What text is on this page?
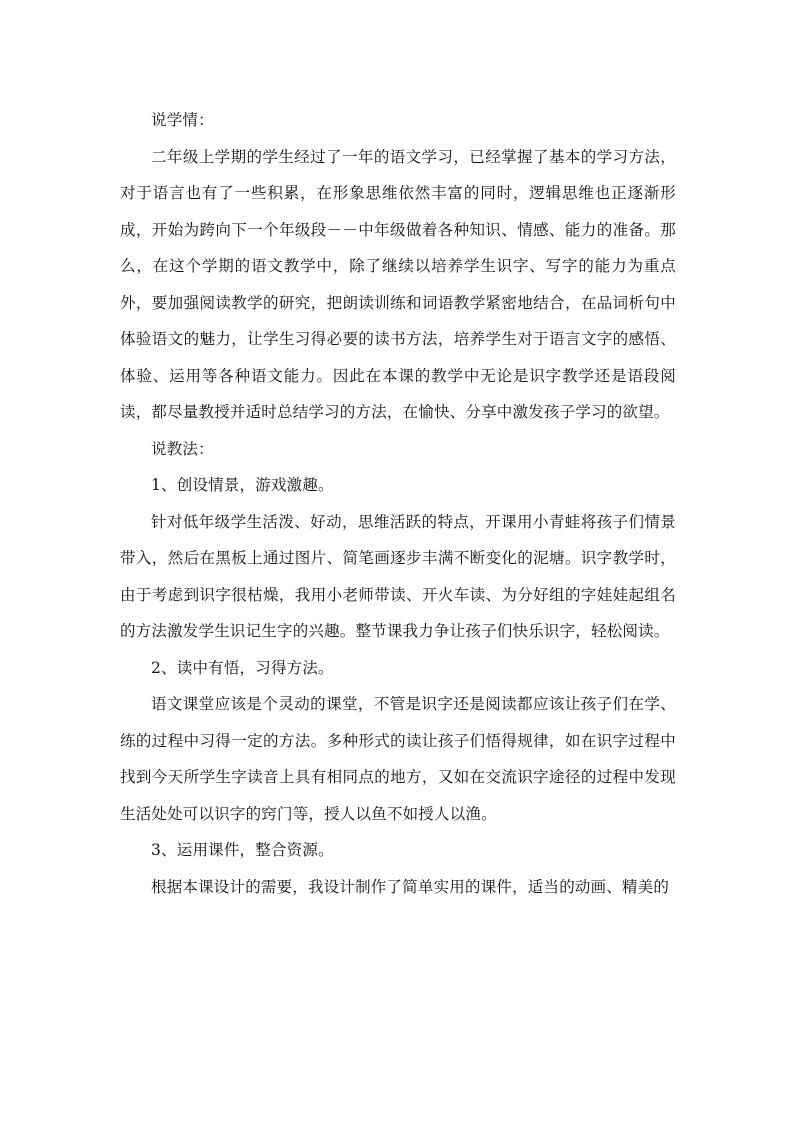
说学情：

二年级上学期的学生经过了一年的语文学习，已经掌握了基本的学习方法，对于语言也有了一些积累，在形象思维依然丰富的同时，逻辑思维也正逐渐形成，开始为跨向下一个年级段－－中年级做着各种知识、情感、能力的准备。那么，在这个学期的语文教学中，除了继续以培养学生识字、写字的能力为重点外，要加强阅读教学的研究，把朗读训练和词语教学紧密地结合，在品词析句中体验语文的魅力，让学生习得必要的读书方法，培养学生对于语言文字的感悟、体验、运用等各种语文能力。因此在本课的教学中无论是识字教学还是语段阅读，都尽量教授并适时总结学习的方法，在愉快、分享中激发孩子学习的欲望。

说教法：

1、创设情景，游戏激趣。

针对低年级学生活泼、好动，思维活跃的特点，开课用小青蛙将孩子们情景带入，然后在黑板上通过图片、简笔画逐步丰满不断变化的泥塘。识字教学时，由于考虑到识字很枯燥，我用小老师带读、开火车读、为分好组的字娃娃起组名的方法激发学生识记生字的兴趣。整节课我力争让孩子们快乐识字，轻松阅读。

2、读中有悟，习得方法。

语文课堂应该是个灵动的课堂，不管是识字还是阅读都应该让孩子们在学、练的过程中习得一定的方法。多种形式的读让孩子们悟得规律，如在识字过程中找到今天所学生字读音上具有相同点的地方，又如在交流识字途径的过程中发现生活处处可以识字的窍门等，授人以鱼不如授人以渔。

3、运用课件，整合资源。

根据本课设计的需要，我设计制作了简单实用的课件，适当的动画、精美的
